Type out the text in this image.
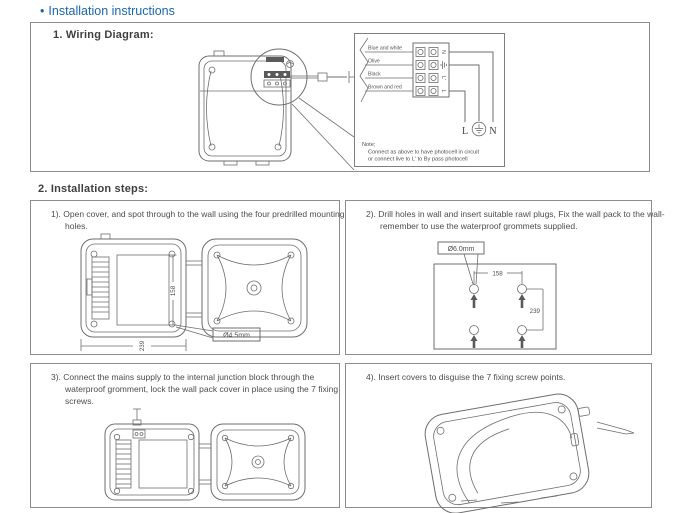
• Installation instructions
1. Wiring Diagram:
Blue and white
Olive
Black
Brown and red
N
L'
L
L N
Note;
Connect as above to have photocell in circuit
or connect live to L' to By pass photocell
2. Installation steps:
1). Open cover, and spot through to the wall using the four predrilled mounting holes.
158
239
Ø4.5mm
2). Drill holes in wall and insert suitable rawl plugs, Fix the wall pack to the wall-remember to use the waterproof grommets supplied.
Ø6.0mm
158
239
3). Connect the mains supply to the internal junction block through the waterproof gromment, lock the wall pack cover in place using the 7 fixing screws.
4). Insert covers to disguise the 7 fixing screw points.
